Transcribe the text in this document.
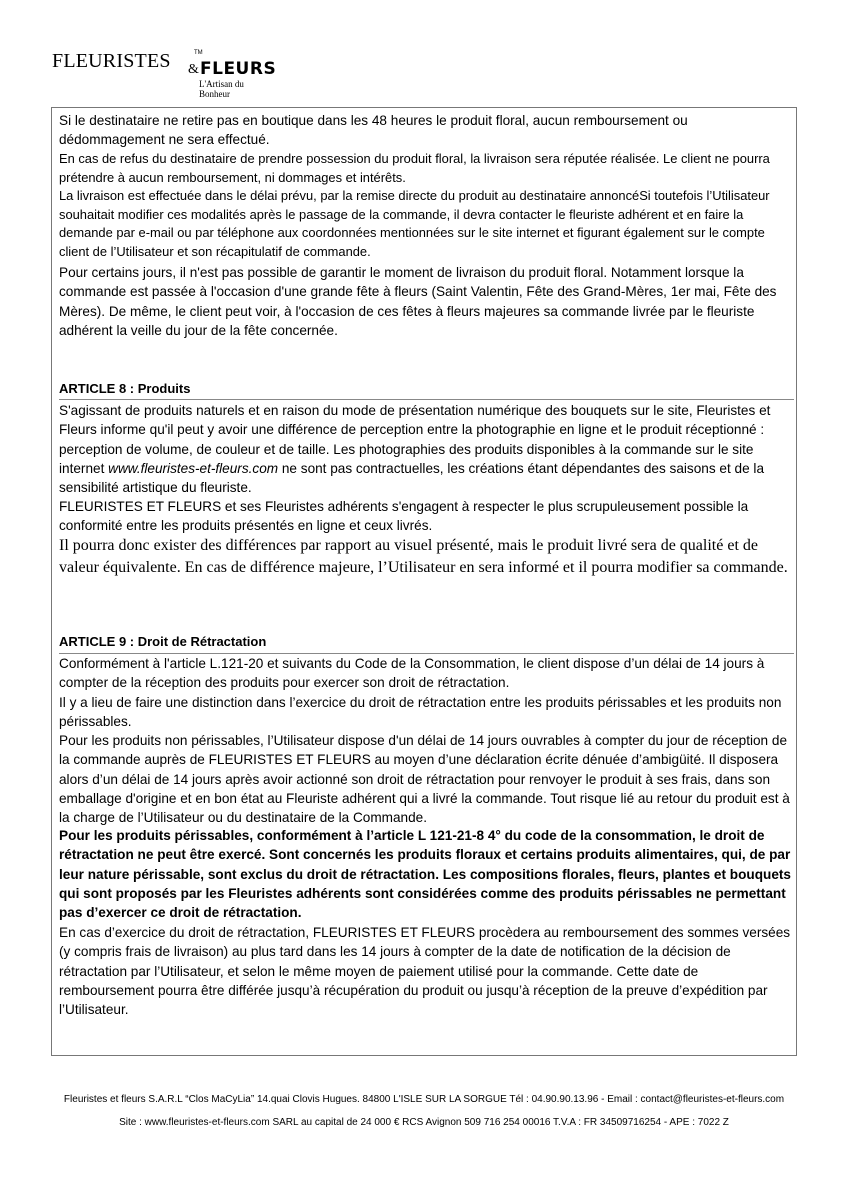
FLEURISTES	TM
& FLEURS
L'Artisan du Bonheur

Si le destinataire ne retire pas en boutique dans les 48 heures le produit floral, aucun remboursement ou dédommagement ne sera effectué.

En cas de refus du destinataire de prendre possession du produit floral, la livraison sera réputée réalisée. Le client ne pourra prétendre à aucun remboursement, ni dommages et intérêts.

La livraison est effectuée dans le délai prévu, par la remise directe du produit au destinataire annoncéSi toutefois l’Utilisateur souhaitait modifier ces modalités après le passage de la commande, il devra contacter le fleuriste adhérent et en faire la demande par e-mail ou par téléphone aux coordonnées mentionnées sur le site internet et figurant également sur le compte client de l’Utilisateur et son récapitulatif de commande.

Pour certains jours, il n'est pas possible de garantir le moment de livraison du produit floral. Notamment lorsque la commande est passée à l'occasion d'une grande fête à fleurs (Saint Valentin, Fête des Grand-Mères, 1er mai, Fête des Mères). De même, le client peut voir, à l'occasion de ces fêtes à fleurs majeures sa commande livrée par le fleuriste adhérent la veille du jour de la fête concernée.

ARTICLE 8 : Produits

S'agissant de produits naturels et en raison du mode de présentation numérique des bouquets sur le site, Fleuristes et Fleurs informe qu'il peut y avoir une différence de perception entre la photographie en ligne et le produit réceptionné : perception de volume, de couleur et de taille. Les photographies des produits disponibles à la commande sur le site internet www.fleuristes-et-fleurs.com ne sont pas contractuelles, les créations étant dépendantes des saisons et de la sensibilité artistique du fleuriste.

FLEURISTES ET FLEURS et ses Fleuristes adhérents s'engagent à respecter le plus scrupuleusement possible la conformité entre les produits présentés en ligne et ceux livrés.

Il pourra donc exister des différences par rapport au visuel présenté, mais le produit livré sera de qualité et de valeur équivalente. En cas de différence majeure, l’Utilisateur en sera informé et il pourra modifier sa commande.

ARTICLE 9 : Droit de Rétractation

Conformément à l'article L.121-20 et suivants du Code de la Consommation, le client dispose d’un délai de 14 jours à compter de la réception des produits pour exercer son droit de rétractation.

Il y a lieu de faire une distinction dans l’exercice du droit de rétractation entre les produits périssables et les produits non périssables.

Pour les produits non périssables, l’Utilisateur dispose d'un délai de 14 jours ouvrables à compter du jour de réception de la commande auprès de FLEURISTES ET FLEURS au moyen d’une déclaration écrite dénuée d’ambigüité. Il disposera alors d’un délai de 14 jours après avoir actionné son droit de rétractation pour renvoyer le produit à ses frais, dans son emballage d'origine et en bon état au Fleuriste adhérent qui a livré la commande. Tout risque lié au retour du produit est à la charge de l’Utilisateur ou du destinataire de la Commande.

Pour les produits périssables, conformément à l’article L 121-21-8 4° du code de la consommation, le droit de rétractation ne peut être exercé. Sont concernés les produits floraux et certains produits alimentaires, qui, de par leur nature périssable, sont exclus du droit de rétractation. Les compositions florales, fleurs, plantes et bouquets qui sont proposés par les Fleuristes adhérents sont considérées comme des produits périssables ne permettant pas d’exercer ce droit de rétractation.

En cas d’exercice du droit de rétractation, FLEURISTES ET FLEURS procèdera au remboursement des sommes versées (y compris frais de livraison) au plus tard dans les 14 jours à compter de la date de notification de la décision de rétractation par l’Utilisateur, et selon le même moyen de paiement utilisé pour la commande. Cette date de remboursement pourra être différée jusqu’à récupération du produit ou jusqu’à réception de la preuve d’expédition par l’Utilisateur.

Fleuristes et fleurs S.A.R.L “Clos MaCyLia” 14.quai Clovis Hugues. 84800 L'ISLE SUR LA SORGUE Tél : 04.90.90.13.96 - Email : contact@fleuristes-et-fleurs.com
Site : www.fleuristes-et-fleurs.com SARL au capital de 24 000 € RCS Avignon 509 716 254 00016 T.V.A : FR 34509716254 - APE : 7022 Z
